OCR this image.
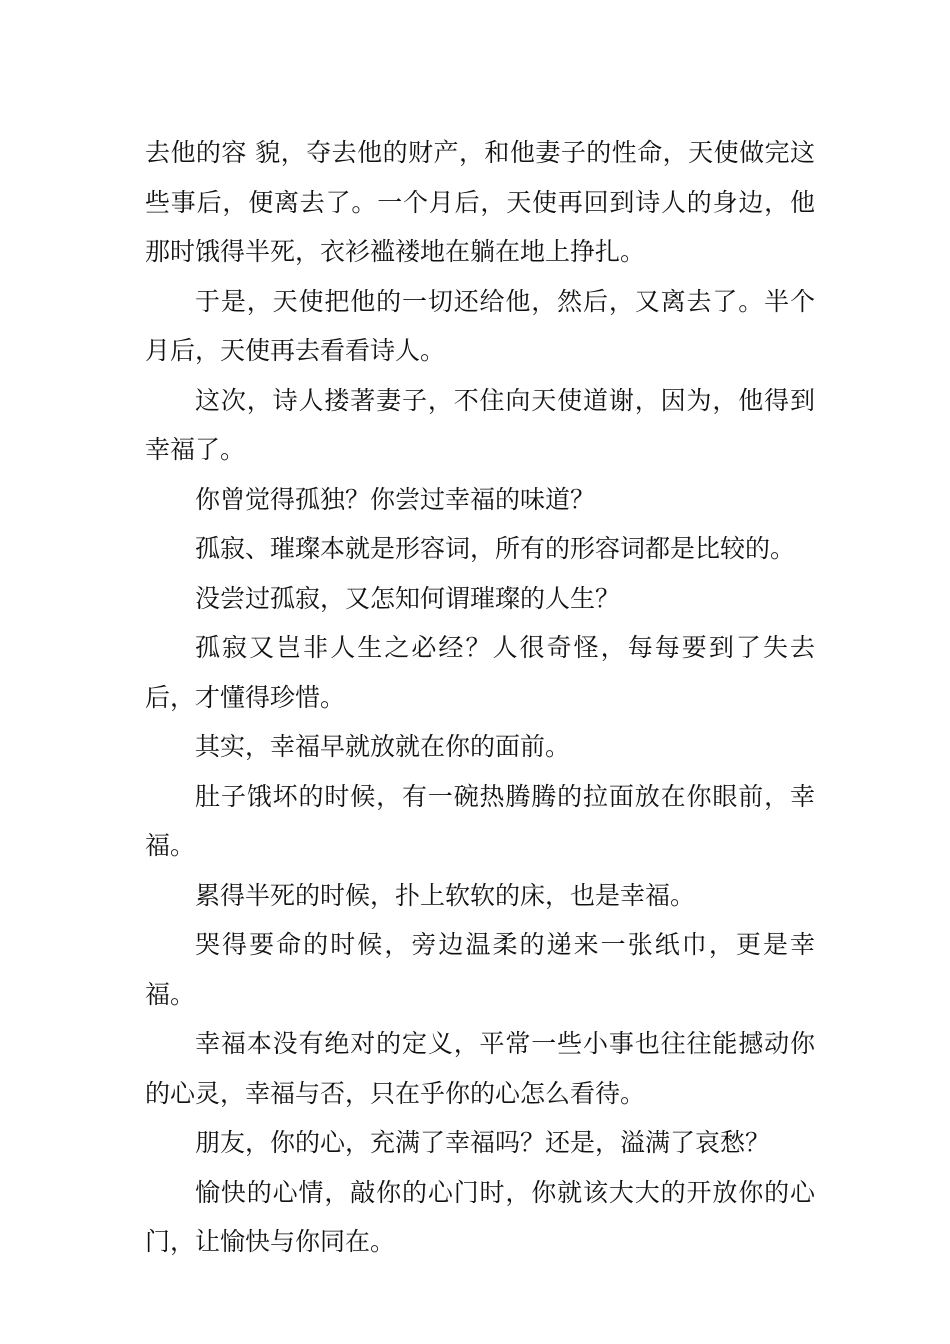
去他的容 貌，夺去他的财产，和他妻子的性命，天使做完这些事后，便离去了。一个月后，天使再回到诗人的身边，他那时饿得半死，衣衫褴褛地在躺在地上挣扎。

于是，天使把他的一切还给他，然后，又离去了。半个月后，天使再去看看诗人。

这次，诗人搂著妻子，不住向天使道谢，因为，他得到幸福了。

你曾觉得孤独？你尝过幸福的味道？

孤寂、璀璨本就是形容词，所有的形容词都是比较的。

没尝过孤寂，又怎知何谓璀璨的人生？

孤寂又岂非人生之必经？人很奇怪，每每要到了失去后，才懂得珍惜。

其实，幸福早就放就在你的面前。

肚子饿坏的时候，有一碗热腾腾的拉面放在你眼前，幸福。

累得半死的时候，扑上软软的床，也是幸福。

哭得要命的时候，旁边温柔的递来一张纸巾，更是幸福。

幸福本没有绝对的定义，平常一些小事也往往能撼动你的心灵，幸福与否，只在乎你的心怎么看待。

朋友，你的心，充满了幸福吗？还是，溢满了哀愁？

愉快的心情，敲你的心门时，你就该大大的开放你的心门，让愉快与你同在。
